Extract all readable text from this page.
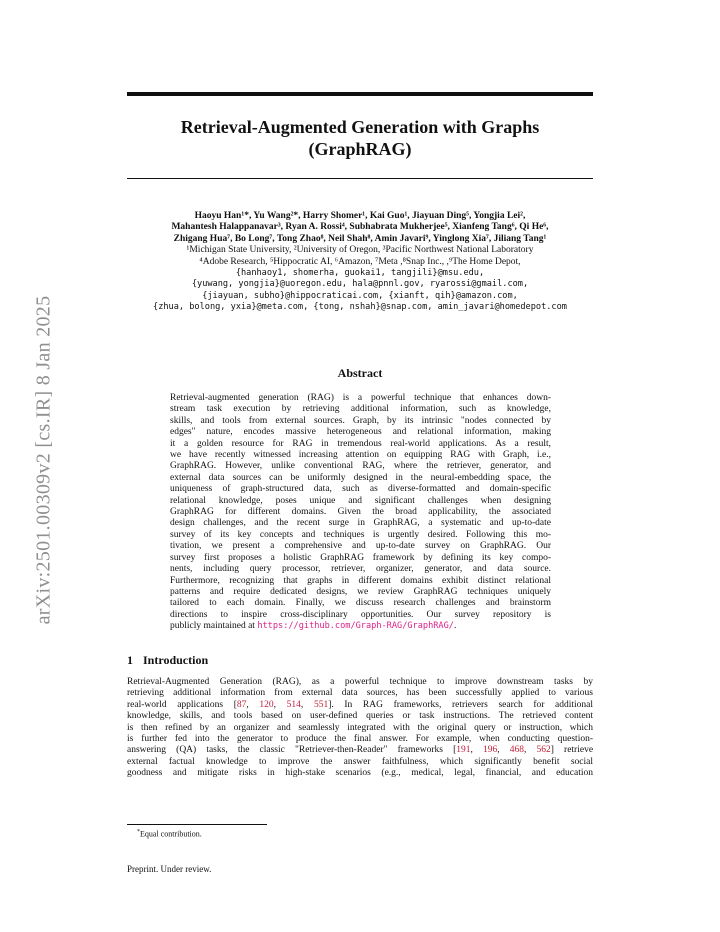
arXiv:2501.00309v2 [cs.IR] 8 Jan 2025
Retrieval-Augmented Generation with Graphs
(GraphRAG)
Haoyu Han¹*, Yu Wang²*, Harry Shomer¹, Kai Guo¹, Jiayuan Ding⁵, Yongjia Lei²,
Mahantesh Halappanavar³, Ryan A. Rossi⁴, Subhabrata Mukherjee⁵, Xianfeng Tang⁶, Qi He⁶,
Zhigang Hua⁷, Bo Long⁷, Tong Zhao⁸, Neil Shah⁸, Amin Javari⁹, Yinglong Xia⁷, Jiliang Tang¹
¹Michigan State University, ²University of Oregon, ³Pacific Northwest National Laboratory
⁴Adobe Research, ⁵Hippocratic AI, ⁶Amazon, ⁷Meta ,⁸Snap Inc., ,⁹The Home Depot,
{hanhaoy1, shomerha, guokai1, tangjili}@msu.edu,
{yuwang, yongjia}@uoregon.edu, hala@pnnl.gov, ryarossi@gmail.com,
{jiayuan, subho}@hippocraticai.com, {xianft, qih}@amazon.com,
{zhua, bolong, yxia}@meta.com, {tong, nshah}@snap.com, amin_javari@homedepot.com
Abstract
Retrieval-augmented generation (RAG) is a powerful technique that enhances down-
stream task execution by retrieving additional information, such as knowledge,
skills, and tools from external sources. Graph, by its intrinsic "nodes connected by
edges" nature, encodes massive heterogeneous and relational information, making
it a golden resource for RAG in tremendous real-world applications. As a result,
we have recently witnessed increasing attention on equipping RAG with Graph, i.e.,
GraphRAG. However, unlike conventional RAG, where the retriever, generator, and
external data sources can be uniformly designed in the neural-embedding space, the
uniqueness of graph-structured data, such as diverse-formatted and domain-specific
relational knowledge, poses unique and significant challenges when designing
GraphRAG for different domains. Given the broad applicability, the associated
design challenges, and the recent surge in GraphRAG, a systematic and up-to-date
survey of its key concepts and techniques is urgently desired. Following this mo-
tivation, we present a comprehensive and up-to-date survey on GraphRAG. Our
survey first proposes a holistic GraphRAG framework by defining its key compo-
nents, including query processor, retriever, organizer, generator, and data source.
Furthermore, recognizing that graphs in different domains exhibit distinct relational
patterns and require dedicated designs, we review GraphRAG techniques uniquely
tailored to each domain. Finally, we discuss research challenges and brainstorm
directions to inspire cross-disciplinary opportunities. Our survey repository is
publicly maintained at https://github.com/Graph-RAG/GraphRAG/.
1 Introduction
Retrieval-Augmented Generation (RAG), as a powerful technique to improve downstream tasks by
retrieving additional information from external data sources, has been successfully applied to various
real-world applications [87, 120, 514, 551]. In RAG frameworks, retrievers search for additional
knowledge, skills, and tools based on user-defined queries or task instructions. The retrieved content
is then refined by an organizer and seamlessly integrated with the original query or instruction, which
is further fed into the generator to produce the final answer. For example, when conducting question-
answering (QA) tasks, the classic "Retriever-then-Reader" frameworks [191, 196, 468, 562] retrieve
external factual knowledge to improve the answer faithfulness, which significantly benefit social
goodness and mitigate risks in high-stake scenarios (e.g., medical, legal, financial, and education
*Equal contribution.
Preprint. Under review.
